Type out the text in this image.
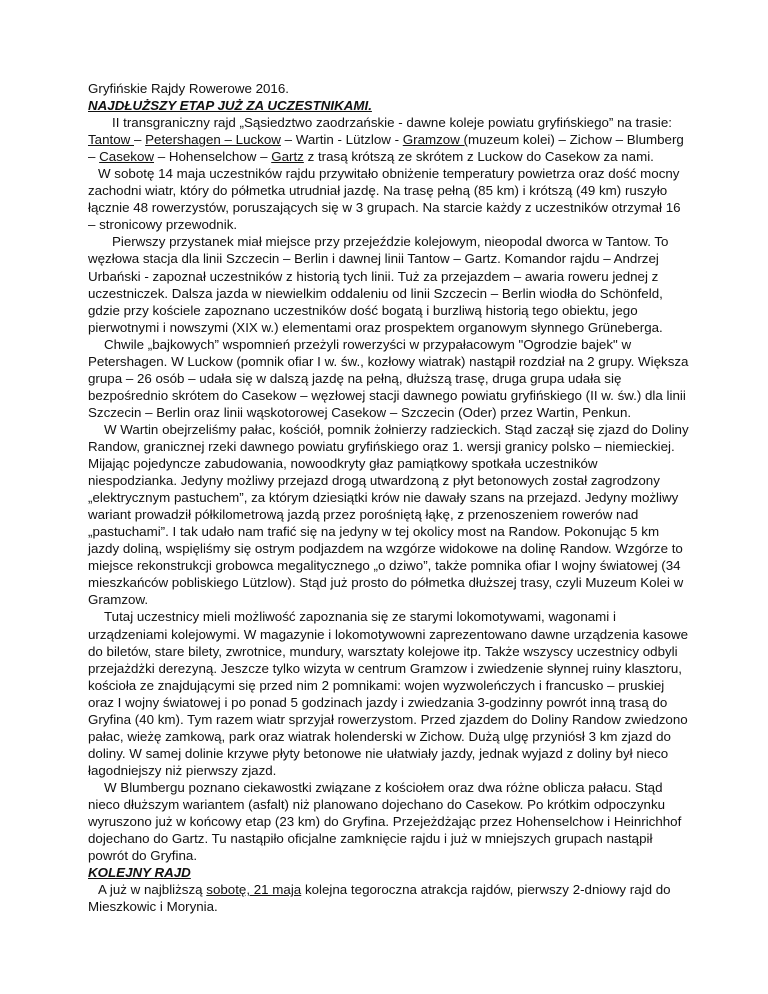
Gryfińskie Rajdy Rowerowe 2016.

NAJDŁUŻSZY ETAP JUŻ ZA UCZESTNIKAMI.

II transgraniczny rajd „Sąsiedztwo zaodrzańskie - dawne koleje powiatu gryfińskiego” na trasie: Tantow – Petershagen – Luckow – Wartin - Lützlow - Gramzow (muzeum kolei) – Zichow – Blumberg – Casekow – Hohenselchow – Gartz z trasą krótszą ze skrótem z Luckow do Casekow za nami.

W sobotę 14 maja uczestników rajdu przywitało obniżenie temperatury powietrza oraz dość mocny zachodni wiatr, który do półmetka utrudniał jazdę. Na trasę pełną (85 km) i krótszą (49 km) ruszyło łącznie 48 rowerzystów, poruszających się w 3 grupach. Na starcie każdy z uczestników otrzymał 16 – stronicowy przewodnik.

Pierwszy przystanek miał miejsce przy przejeździe kolejowym, nieopodal dworca w Tantow. To węzłowa stacja dla linii Szczecin – Berlin i dawnej linii Tantow – Gartz. Komandor rajdu – Andrzej Urbański - zapoznał uczestników z historią tych linii. Tuż za przejazdem – awaria roweru jednej z uczestniczek. Dalsza jazda w niewielkim oddaleniu od linii Szczecin – Berlin wiodła do Schönfeld, gdzie przy kościele zapoznano uczestników dość bogatą i burzliwą historią tego obiektu, jego pierwotnymi i nowszymi (XIX w.) elementami oraz prospektem organowym słynnego Grüneberga.

Chwile „bajkowych” wspomnień przeżyli rowerzyści w przypałacowym "Ogrodzie bajek" w Petershagen. W Luckow (pomnik ofiar I w. św., kozłowy wiatrak) nastąpił rozdział na 2 grupy. Większa grupa – 26 osób – udała się w dalszą jazdę na pełną, dłuższą trasę, druga grupa udała się bezpośrednio skrótem do Casekow – węzłowej stacji dawnego powiatu gryfińskiego (II w. św.) dla linii Szczecin – Berlin oraz linii wąskotorowej Casekow – Szczecin (Oder) przez Wartin, Penkun.

W Wartin obejrzeliśmy pałac, kościół, pomnik żołnierzy radzieckich. Stąd zaczął się zjazd do Doliny Randow, granicznej rzeki dawnego powiatu gryfińskiego oraz 1. wersji granicy polsko – niemieckiej. Mijając pojedyncze zabudowania, nowoodkryty głaz pamiątkowy spotkała uczestników niespodzianka. Jedyny możliwy przejazd drogą utwardzoną z płyt betonowych został zagrodzony „elektrycznym pastuchem”, za którym dziesiątki krów nie dawały szans na przejazd. Jedyny możliwy wariant prowadził półkilometrową jazdą przez porośniętą łąkę, z przenoszeniem rowerów nad „pastuchami”. I tak udało nam trafić się na jedyny w tej okolicy most na Randow. Pokonując 5 km jazdy doliną, wspięliśmy się ostrym podjazdem na wzgórze widokowe na dolinę Randow. Wzgórze to miejsce rekonstrukcji grobowca megalitycznego „o dziwo”, także pomnika ofiar I wojny światowej (34 mieszkańców pobliskiego Lützlow). Stąd już prosto do półmetka dłuższej trasy, czyli Muzeum Kolei w Gramzow.

Tutaj uczestnicy mieli możliwość zapoznania się ze starymi lokomotywami, wagonami i urządzeniami kolejowymi. W magazynie i lokomotywowni zaprezentowano dawne urządzenia kasowe do biletów, stare bilety, zwrotnice, mundury, warsztaty kolejowe itp. Także wszyscy uczestnicy odbyli przejażdżki derezyną. Jeszcze tylko wizyta w centrum Gramzow i zwiedzenie słynnej ruiny klasztoru, kościoła ze znajdującymi się przed nim 2 pomnikami: wojen wyzwoleńczych i francusko – pruskiej oraz I wojny światowej i po ponad 5 godzinach jazdy i zwiedzania 3-godzinny powrót inną trasą do Gryfina (40 km). Tym razem wiatr sprzyjał rowerzystom. Przed zjazdem do Doliny Randow zwiedzono pałac, wieżę zamkową, park oraz wiatrak holenderski w Zichow. Dużą ulgę przyniósł 3 km zjazd do doliny. W samej dolinie krzywe płyty betonowe nie ułatwiały jazdy, jednak wyjazd z doliny był nieco łagodniejszy niż pierwszy zjazd.

W Blumbergu poznano ciekawostki związane z kościołem oraz dwa różne oblicza pałacu. Stąd nieco dłuższym wariantem (asfalt) niż planowano dojechano do Casekow. Po krótkim odpoczynku wyruszono już w końcowy etap (23 km) do Gryfina. Przejeżdżając przez Hohenselchow i Heinrichhof dojechano do Gartz. Tu nastąpiło oficjalne zamknięcie rajdu i już w mniejszych grupach nastąpił powrót do Gryfina.

KOLEJNY RAJD

A już w najbliższą sobotę, 21 maja kolejna tegoroczna atrakcja rajdów, pierwszy 2-dniowy rajd do Mieszkowic i Morynia.
